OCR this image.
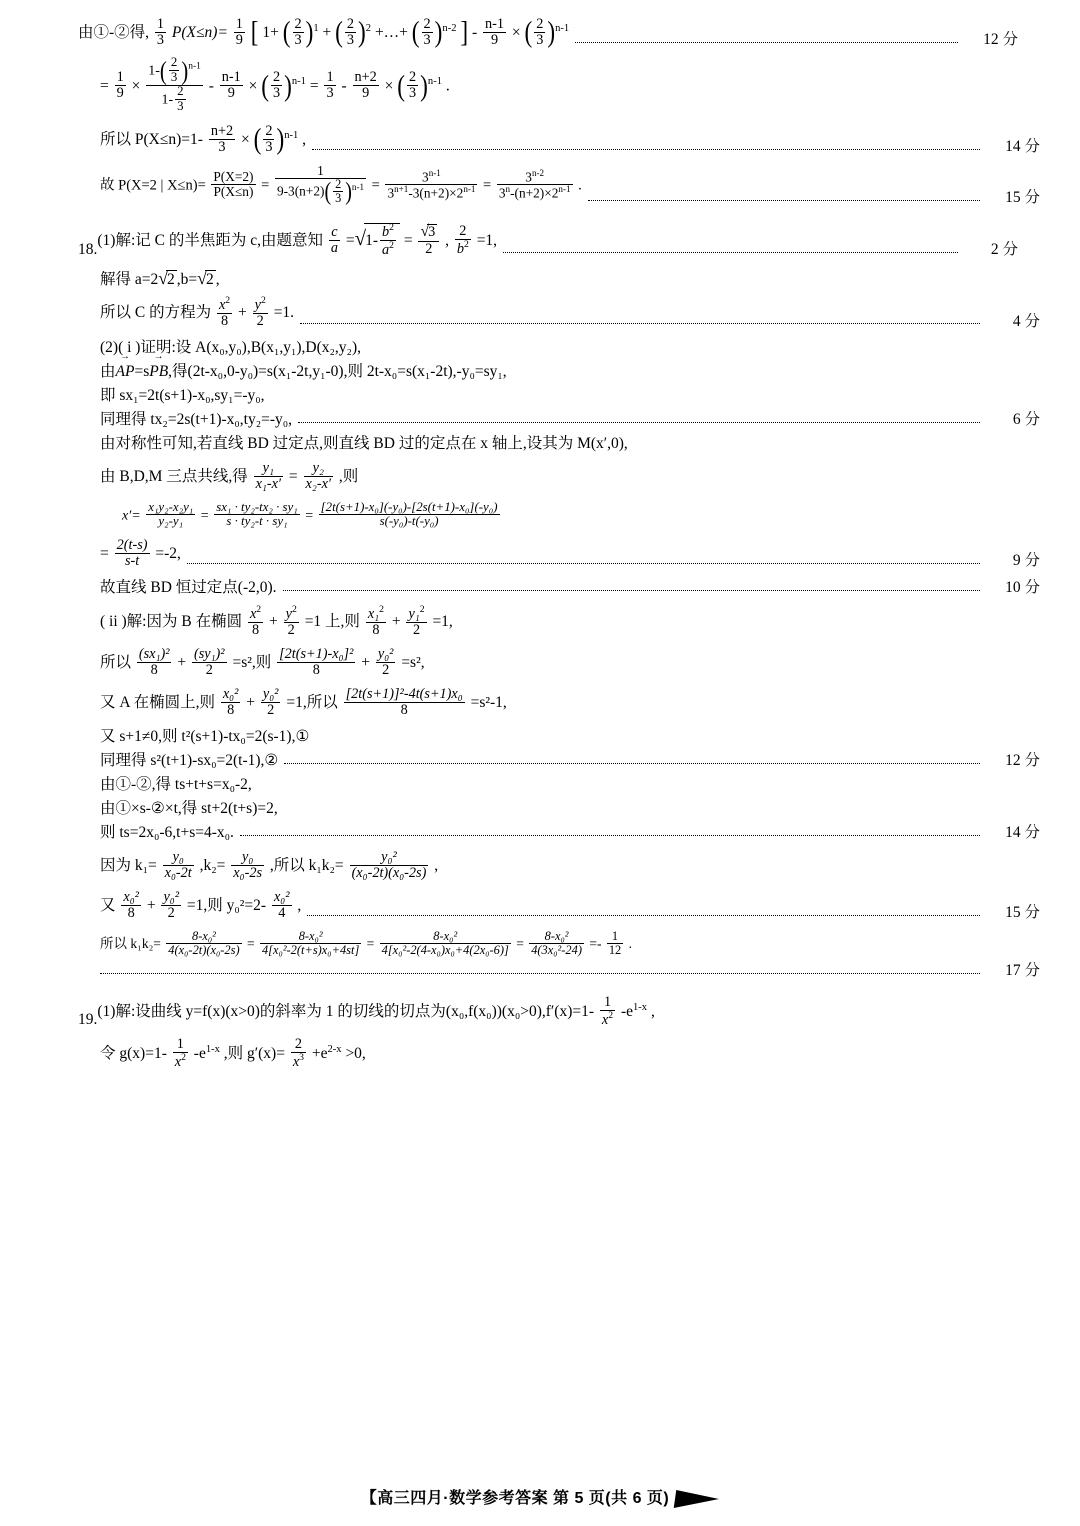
由①-②得, $\frac{1}{3} P(X\le n)= \frac{1}{9}$ [ 1+ ( $\frac{2}{3} )^1$ + ( $\frac{2}{3} )^2$ +…+ ( $\frac{2}{3} )^{n-2}$ ] - $\frac{n-1}{9}$ × ( $\frac{2}{3} )^{n-1}$
12 分
= $\frac{1}{9} \times \frac{1-( \frac{2}{3} )^{n-1}}{1- \frac{2}{3}} - \frac{n-1}{9}$ × ( $\frac{2}{3} )^{n-1} = \frac{1}{3} - \frac{n+2}{9}$ × ( $\frac{2}{3} )^{n-1}$ .
所以 $P(X\le n)=1- \frac{n+2}{3}$ × ( $\frac{2}{3} )^{n-1}$ ,	14 分
故 P(X=2 | $X\le n)= \frac{P(X=2)}{P(X\le n)} = \frac{1}{9-3(n+2)( \frac{2}{3} )^{n-1}} = \frac{3^{n-1}}{3^{n+1}-3(n+2)\times 2^{n-1}} = \frac{3^{n-2}}{3^n-(n+2)\times 2^{n-1}}$ .
15 分
18.
(1)解:记 C 的半焦距为 c,由题意知 $\frac{c}{a} =√1- \frac{b^2}{a^2} = \frac{√3}{2}$ , $\frac{2}{b^2} =1$,
2 分
解得 a=2√2 ,b=√2 ,
所以 C 的方程为 $\frac{x^2}{8} + \frac{y^2}{2} =1$.	4 分
(2)( i )证明:设 A(x₀,y₀),B(x₁,y₁),D(x₂,y₂),
由AP →=sPB →,得(2t-x₀,0-y₀)=s(x₁-2t,y₁-0),则 2t-x₀=s(x₁-2t),-y₀=sy₁,
即 sx₁=2t(s+1)-x₀,sy₁=-y₀,
同理得 tx₂=2s(t+1)-x₀,ty₂=-y₀,	6 分
由对称性可知,若直线 BD 过定点,则直线 BD 过的定点在 x 轴上,设其为 M(x′,0),
由 B,D,M 三点共线,得 $\frac{\text{y₁}}{\text{x₁-x′}} = \frac{\text{y₂}}{\text{x₂-x′}}$ ,则
$x'= \frac{\text{x₁y₂-x₂y₁}}{\text{y₂-y₁}} = \frac{\text{sx₁ · ty₂-tx₂ · sy₁}}{\text{s · ty₂-t · sy₁}} = \frac{\text{[2t(s+1)-x₀](-y₀)-[2s(t+1)-x₀](-y₀)}}{\text{s(-y₀)-t(-y₀)}}$
= $\frac{2(t-s)}{s-t} =-2$,	9 分
故直线 BD 恒过定点(-2,0).	10 分
( ii )解:因为 B 在椭圆 $\frac{x^2}{8} + \frac{y^2}{2} =1$ 上,则 $\frac{x_1^2}{8} + \frac{y_1^2}{2} =1$,
所以 $\frac{\text{(sx₁)²}}{8} + \frac{\text{(sy₁)²}}{2} =s^2$,则 $\frac{\text{[2t(s+1)-x₀]²}}{8} + \frac{\text{y₀²}}{2} =s^2$,
又 A 在椭圆上,则 $\frac{\text{x₀²}}{8} + \frac{\text{y₀²}}{2} =1$,所以 $\frac{\text{[2t(s+1)]²-4t(s+1)x₀}}{8} =s^2-1$,
又 s+1≠0,则 t²(s+1)-tx₀=2(s-1),①
同理得 s²(t+1)-sx₀=2(t-1),②	12 分
由①-②,得 ts+t+s=x₀-2,
由①×s-②×t,得 st+2(t+s)=2,
则 ts=2x₀-6,t+s=4-x₀.	14 分
因为 $k_1= \frac{\text{y₀}}{\text{x₀-2t}} ,k_2= \frac{\text{y₀}}{\text{x₀-2s}}$ ,所以 $k_1k_2= \frac{\text{y₀²}}{\text{(x₀-2t)(x₀-2s)}}$ ,
又 $\frac{\text{x₀²}}{8} + \frac{\text{y₀²}}{2} =1$,则 $y_0^2=2- \frac{\text{x₀²}}{4}$ ,	15 分
所以 $k_1k_2= \frac{\text{8-x₀²}}{\text{4(x₀-2t)(x₀-2s)}} = \frac{\text{8-x₀²}}{\text{4[x₀²-2(t+s)x₀+4st]}} = \frac{\text{8-x₀²}}{\text{4[x₀²-2(4-x₀)x₀+4(2x₀-6)]}} = \frac{\text{8-x₀²}}{\text{4(3x₀²-24)}} =- \frac{1}{12}$ .
17 分
19. (1)解:设曲线 y=f(x)(x>0)的斜率为 1 的切线的切点为$(x_0,f(x_0))(x_0>0),f'(x)=1- \frac{1}{x^2} -e^{1-x}$ ,
令 $g(x)=1- \frac{1}{x^2} -e^{1-x}$ ,则 $g'(x)= \frac{2}{x^3} +e^{2-x} >0$,
【高三四月·数学参考答案 第 5 页(共 6 页)
